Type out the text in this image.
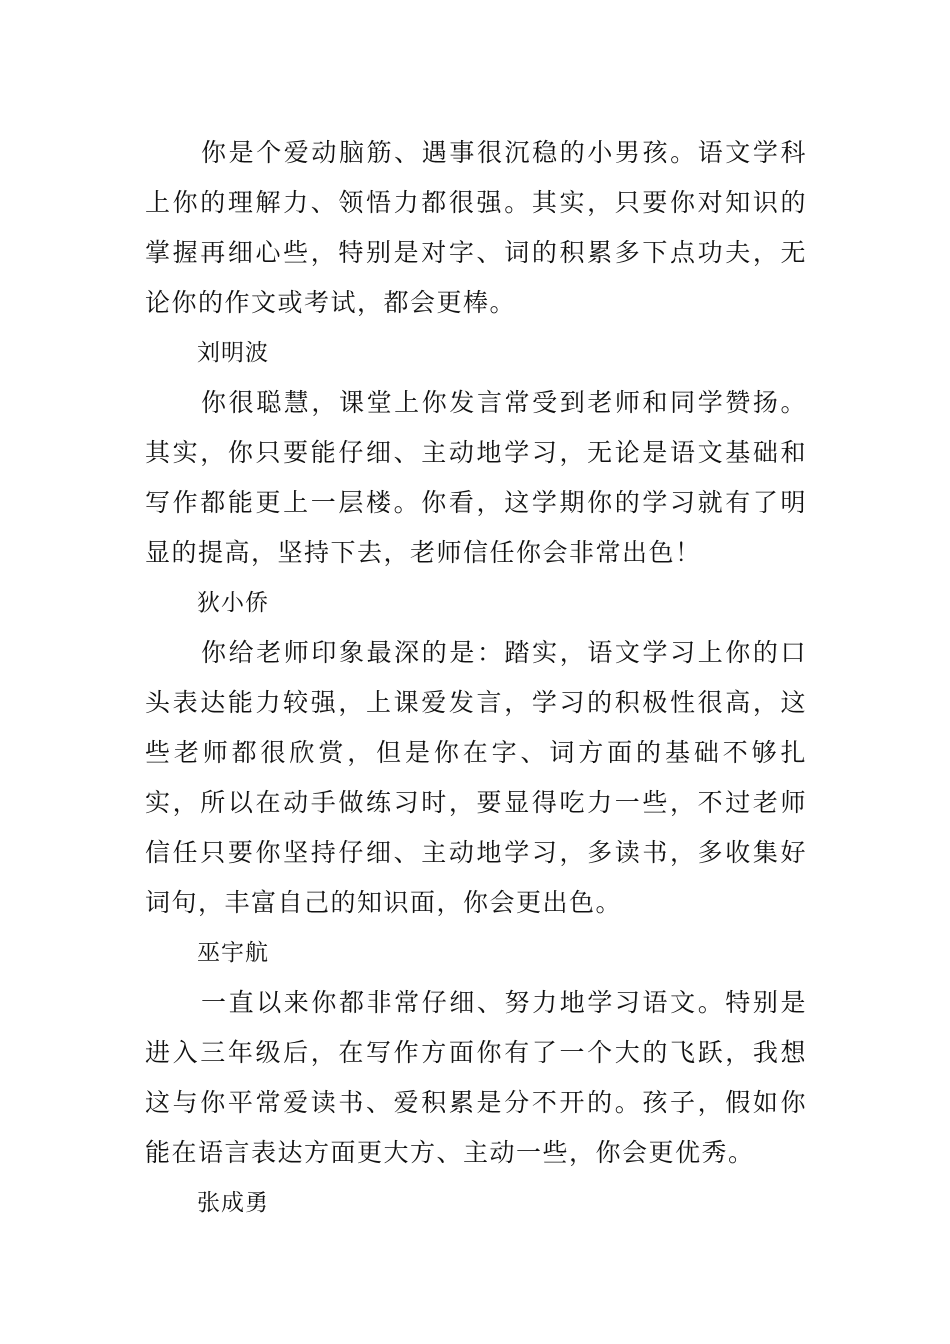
你是个爱动脑筋、遇事很沉稳的小男孩。语文学科上你的理解力、领悟力都很强。其实，只要你对知识的掌握再细心些，特别是对字、词的积累多下点功夫，无论你的作文或考试，都会更棒。

刘明波

你很聪慧，课堂上你发言常受到老师和同学赞扬。其实，你只要能仔细、主动地学习，无论是语文基础和写作都能更上一层楼。你看，这学期你的学习就有了明显的提高，坚持下去，老师信任你会非常出色！

狄小侨

你给老师印象最深的是：踏实，语文学习上你的口头表达能力较强，上课爱发言，学习的积极性很高，这些老师都很欣赏，但是你在字、词方面的基础不够扎实，所以在动手做练习时，要显得吃力一些，不过老师信任只要你坚持仔细、主动地学习，多读书，多收集好词句，丰富自己的知识面，你会更出色。

巫宇航

一直以来你都非常仔细、努力地学习语文。特别是进入三年级后，在写作方面你有了一个大的飞跃，我想这与你平常爱读书、爱积累是分不开的。孩子，假如你能在语言表达方面更大方、主动一些，你会更优秀。

张成勇
